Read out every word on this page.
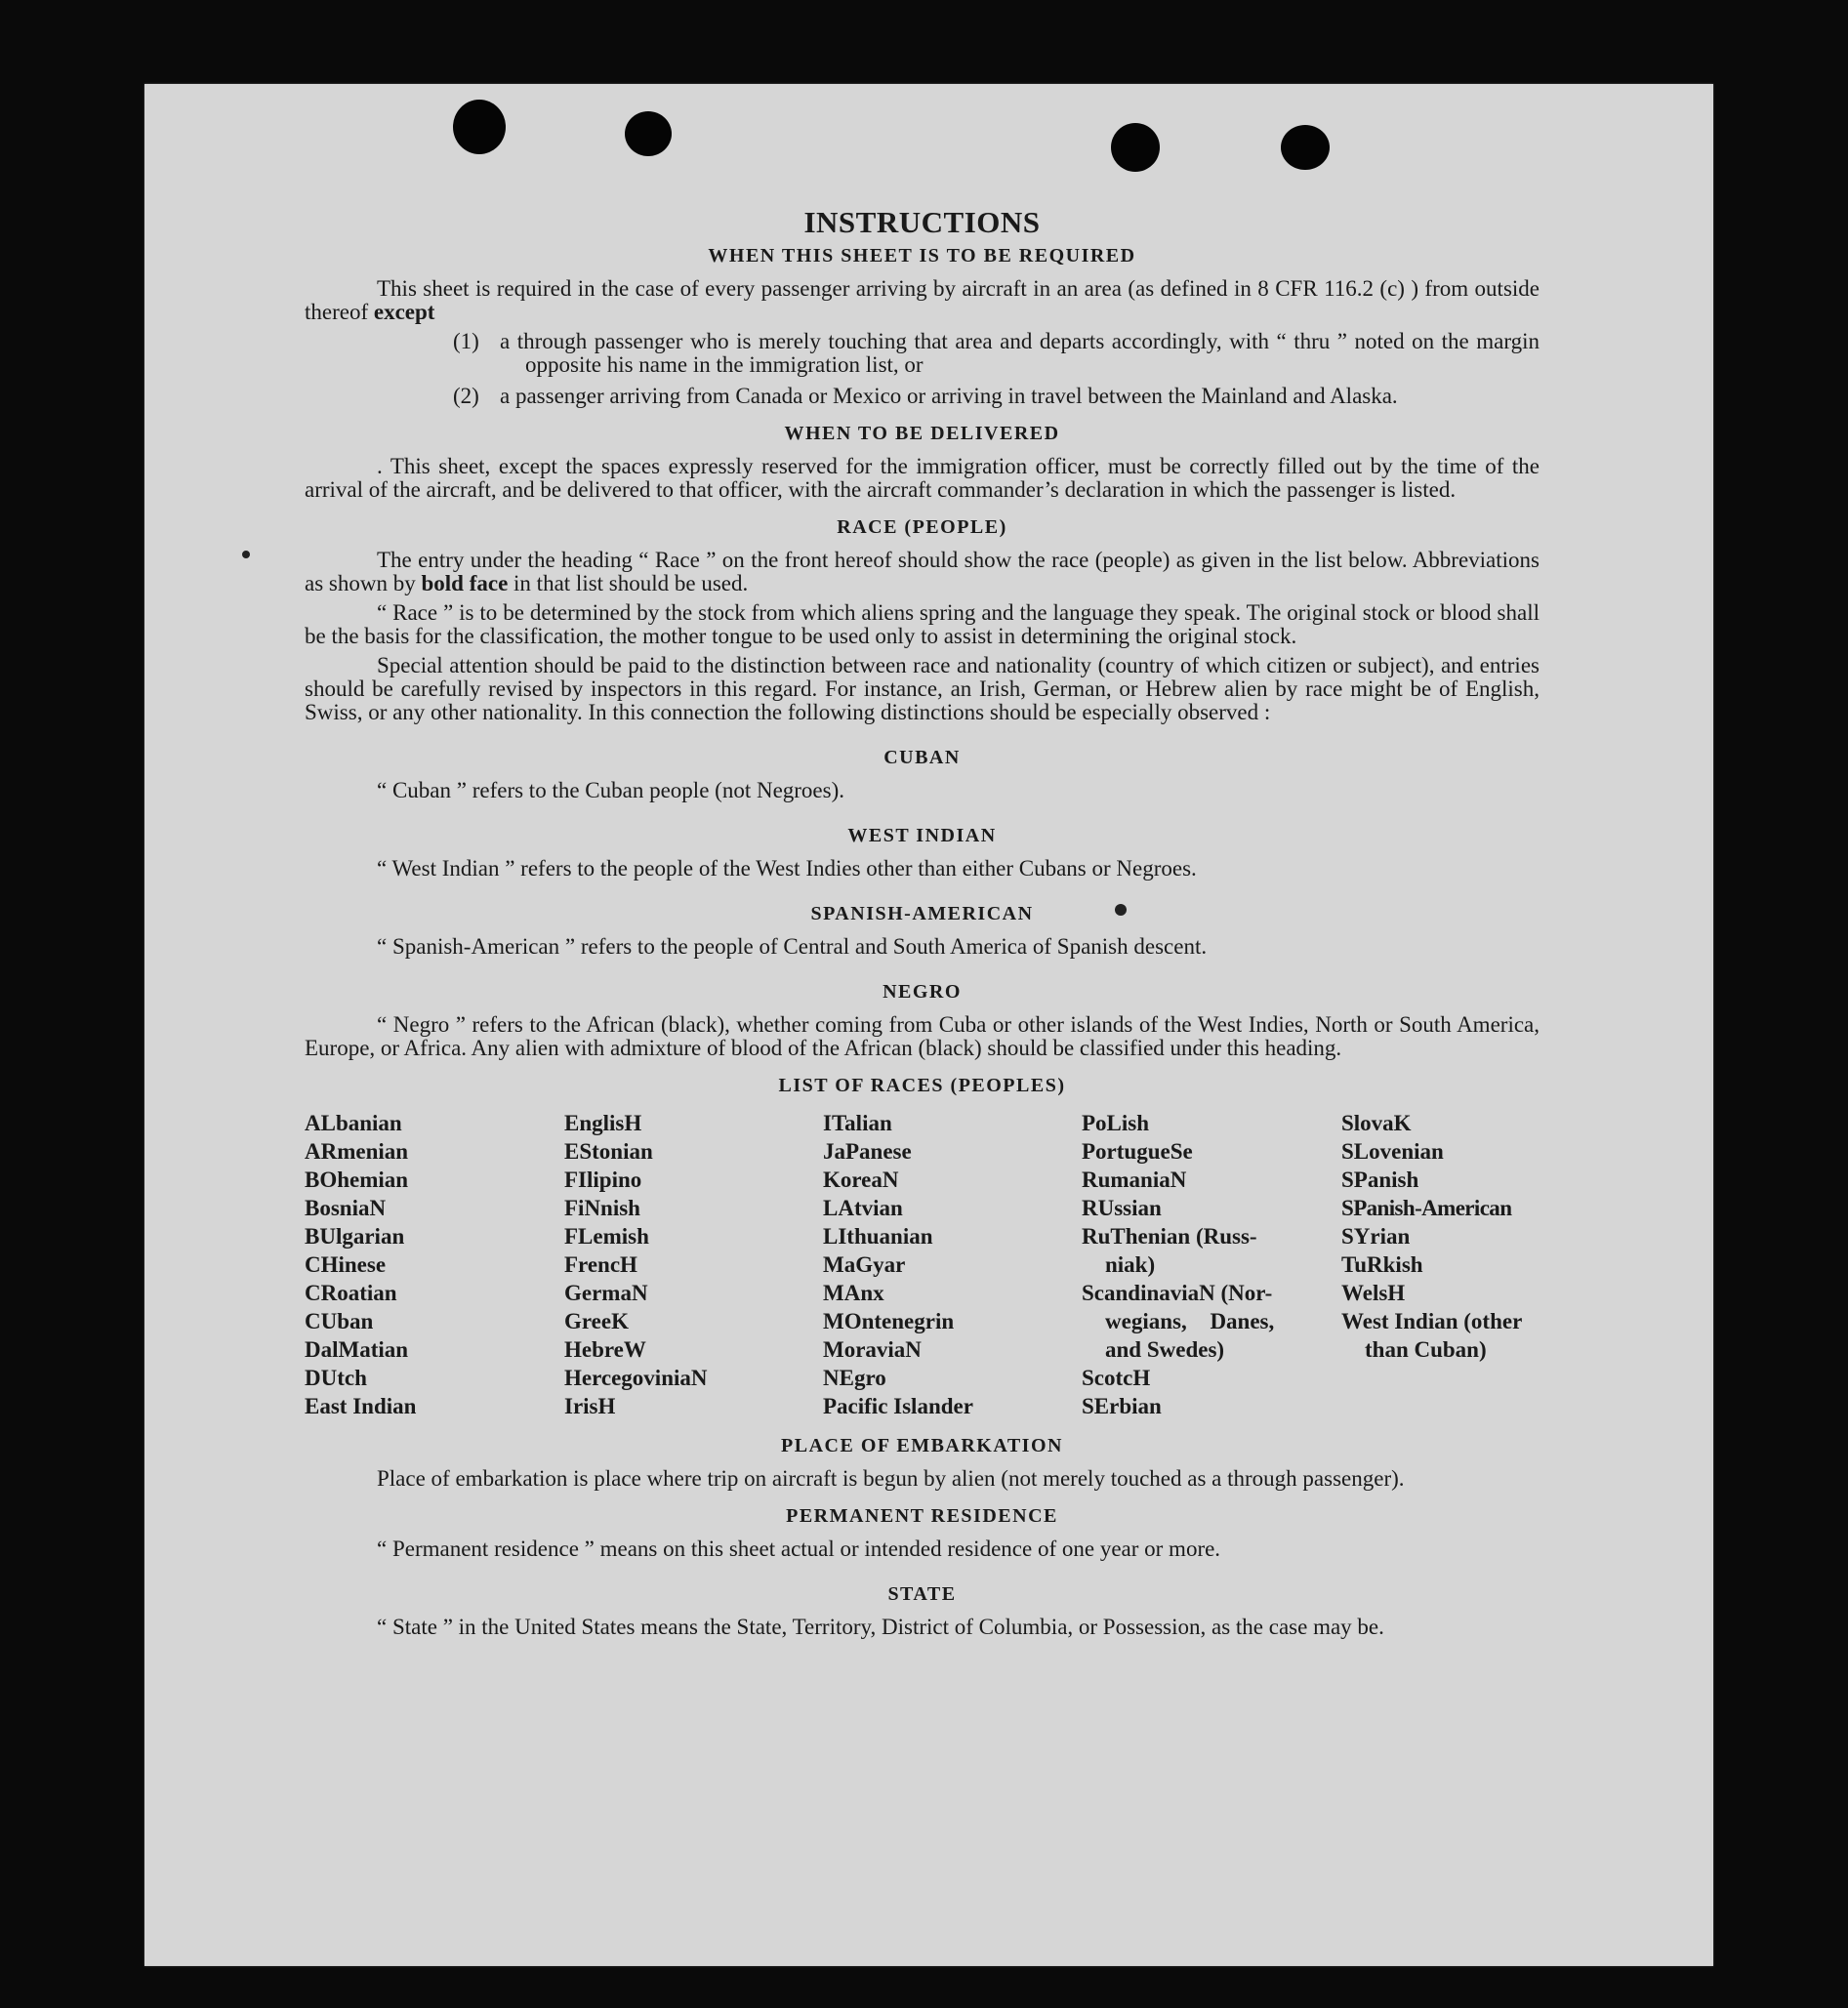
INSTRUCTIONS
WHEN THIS SHEET IS TO BE REQUIRED

This sheet is required in the case of every passenger arriving by aircraft in an area (as defined in 8 CFR 116.2 (c) ) from outside thereof except

(1) a through passenger who is merely touching that area and departs accordingly, with “ thru ” noted on the margin opposite his name in the immigration list, or
(2) a passenger arriving from Canada or Mexico or arriving in travel between the Mainland and Alaska.
WHEN TO BE DELIVERED

. This sheet, except the spaces expressly reserved for the immigration officer, must be correctly filled out by the time of the arrival of the aircraft, and be delivered to that officer, with the aircraft commander’s declaration in which the passenger is listed.

RACE (PEOPLE)

The entry under the heading “ Race ” on the front hereof should show the race (people) as given in the list below. Abbreviations as shown by bold face in that list should be used.

“ Race ” is to be determined by the stock from which aliens spring and the language they speak. The original stock or blood shall be the basis for the classification, the mother tongue to be used only to assist in determining the original stock.

Special attention should be paid to the distinction between race and nationality (country of which citizen or subject), and entries should be carefully revised by inspectors in this regard. For instance, an Irish, German, or Hebrew alien by race might be of English, Swiss, or any other nationality. In this connection the following distinctions should be especially observed :

CUBAN

“ Cuban ” refers to the Cuban people (not Negroes).

WEST INDIAN

“ West Indian ” refers to the people of the West Indies other than either Cubans or Negroes.

SPANISH-AMERICAN

“ Spanish-American ” refers to the people of Central and South America of Spanish descent.

NEGRO

“ Negro ” refers to the African (black), whether coming from Cuba or other islands of the West Indies, North or South America, Europe, or Africa. Any alien with admixture of blood of the African (black) should be classified under this heading.

LIST OF RACES (PEOPLES)
ALbanian
ARmenian
BOhemian
BosniaN
BUlgarian
CHinese
CRoatian
CUban
DalMatian
DUtch
East Indian
EnglisH
EStonian
FIlipino
FiNnish
FLemish
FrencH
GermaN
GreeK
HebreW
HercegoviniaN
IrisH
ITalian
JaPanese
KoreaN
LAtvian
LIthuanian
MaGyar
MAnx
MOntenegrin
MoraviaN
NEgro
Pacific Islander
PoLish
PortugueSe
RumaniaN
RUssian
RuThenian (Russ-
niak)
ScandinaviaN (Nor-
wegians, Danes,
and Swedes)
ScotcH
SErbian
SlovaK
SLovenian
SPanish
SPanish-American
SYrian
TuRkish
WelsH
West Indian (other
than Cuban)
PLACE OF EMBARKATION

Place of embarkation is place where trip on aircraft is begun by alien (not merely touched as a through passenger).

PERMANENT RESIDENCE

“ Permanent residence ” means on this sheet actual or intended residence of one year or more.

STATE

“ State ” in the United States means the State, Territory, District of Columbia, or Possession, as the case may be.
